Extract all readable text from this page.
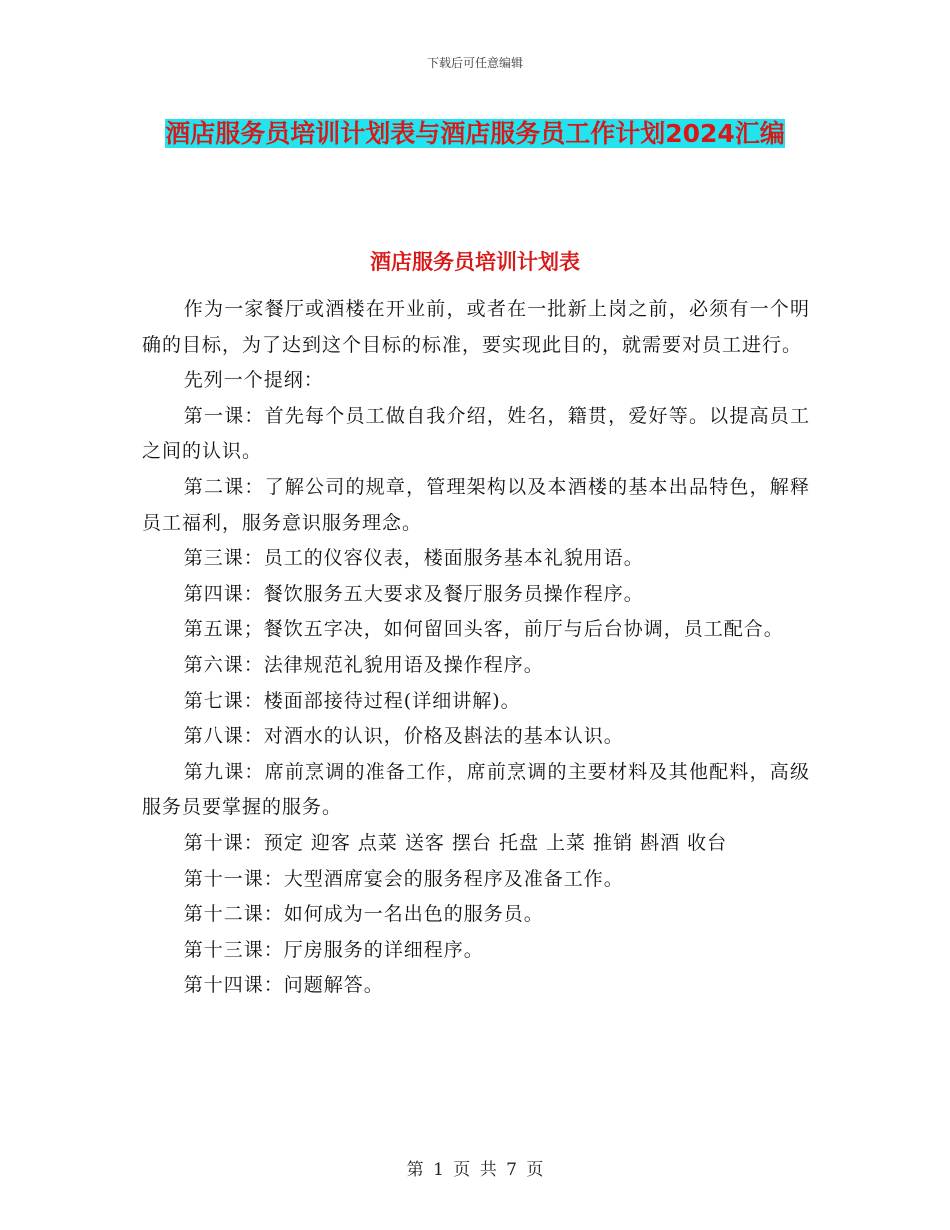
下载后可任意编辑
酒店服务员培训计划表与酒店服务员工作计划2024汇编
酒店服务员培训计划表

作为一家餐厅或酒楼在开业前，或者在一批新上岗之前，必须有一个明确的目标，为了达到这个目标的标准，要实现此目的，就需要对员工进行。

先列一个提纲：

第一课：首先每个员工做自我介绍，姓名，籍贯，爱好等。以提高员工之间的认识。

第二课：了解公司的规章，管理架构以及本酒楼的基本出品特色，解释员工福利，服务意识服务理念。

第三课：员工的仪容仪表，楼面服务基本礼貌用语。

第四课：餐饮服务五大要求及餐厅服务员操作程序。

第五课；餐饮五字决，如何留回头客，前厅与后台协调，员工配合。

第六课：法律规范礼貌用语及操作程序。

第七课：楼面部接待过程(详细讲解)。

第八课：对酒水的认识，价格及斟法的基本认识。

第九课：席前烹调的准备工作，席前烹调的主要材料及其他配料，高级服务员要掌握的服务。

第十课：预定 迎客 点菜 送客 摆台 托盘 上菜 推销 斟酒 收台

第十一课：大型酒席宴会的服务程序及准备工作。

第十二课：如何成为一名出色的服务员。

第十三课：厅房服务的详细程序。

第十四课：问题解答。

第 1 页 共 7 页
